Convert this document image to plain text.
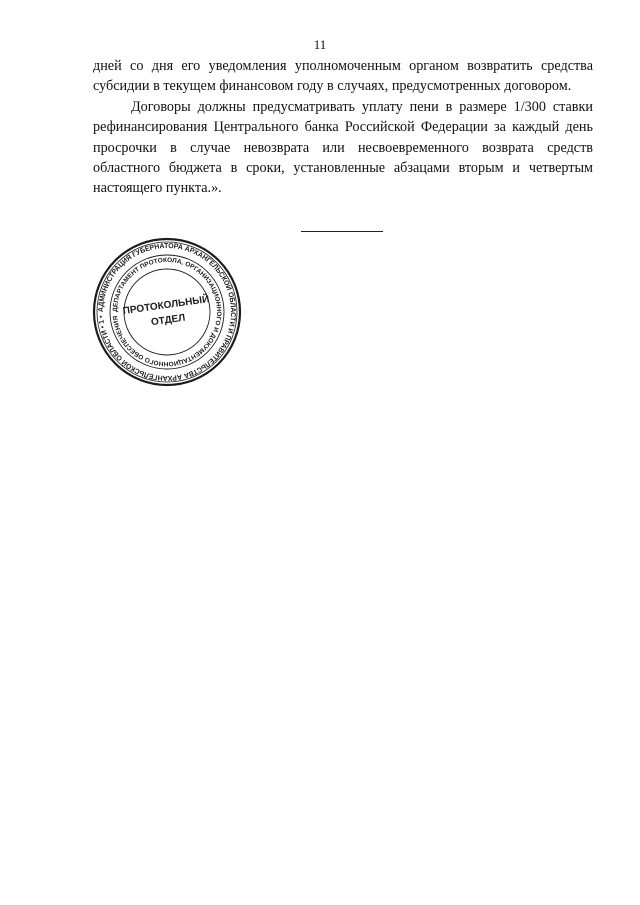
11

дней со дня его уведомления уполномоченным органом возвратить средства субсидии в текущем финансовом году в случаях, предусмотренных договором.

Договоры должны предусматривать уплату пени в размере 1/300 ставки рефинансирования Центрального банка Российской Федерации за каждый день просрочки в случае невозврата или несвоевременного возврата средств областного бюджета в сроки, установленные абзацами вторым и четвертым настоящего пункта.».

АДМИНИСТРАЦИЯ ГУБЕРНАТОРА АРХАНГЕЛЬСКОЙ ОБЛАСТИ И ПРАВИТЕЛЬСТВА АРХАНГЕЛЬСКОЙ ОБЛАСТИ • 1 •
ДЕПАРТАМЕНТ ПРОТОКОЛА, ОРГАНИЗАЦИОННОГО И ДОКУМЕНТАЦИОННОГО ОБЕСПЕЧЕНИЯ
ПРОТОКОЛЬНЫЙ
ОТДЕЛ
